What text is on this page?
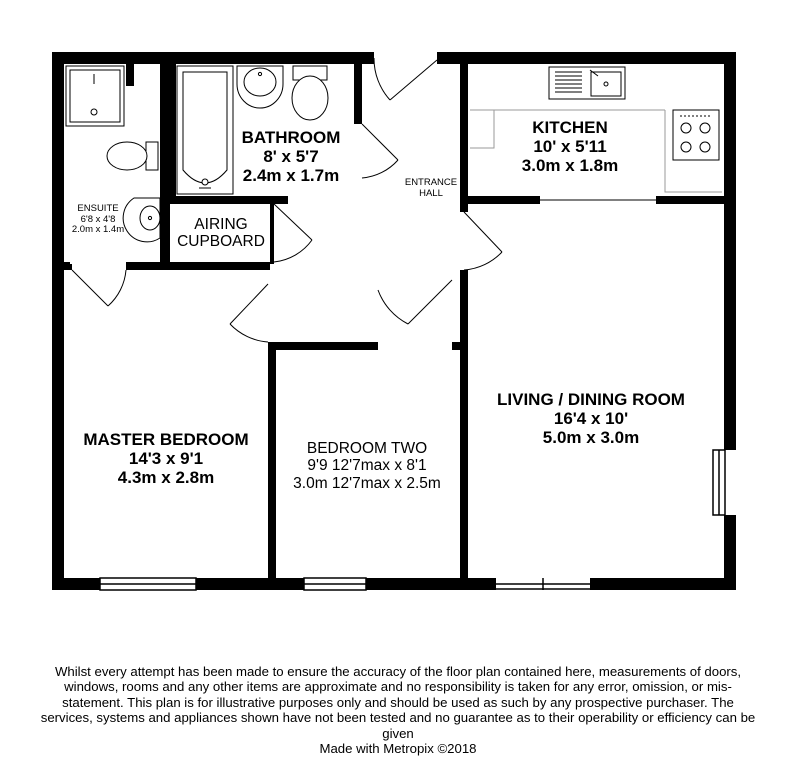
BATHROOM
8' x 5'7
2.4m x 1.7m
KITCHEN
10' x 5'11
3.0m x 1.8m
ENTRANCE
HALL
ENSUITE
6'8 x 4'8
2.0m x 1.4m	AIRING
CUPBOARD
LIVING / DINING ROOM
16'4 x 10'
5.0m x 3.0m
MASTER BEDROOM
14'3 x 9'1
4.3m x 2.8m
BEDROOM TWO
9'9 12'7max x 8'1
3.0m 12'7max x 2.5m

Whilst every attempt has been made to ensure the accuracy of the floor plan contained here, measurements of doors, windows, rooms and any other items are approximate and no responsibility is taken for any error, omission, or mis-statement. This plan is for illustrative purposes only and should be used as such by any prospective purchaser. The services, systems and appliances shown have not been tested and no guarantee as to their operability or efficiency can be given

Made with Metropix ©2018
